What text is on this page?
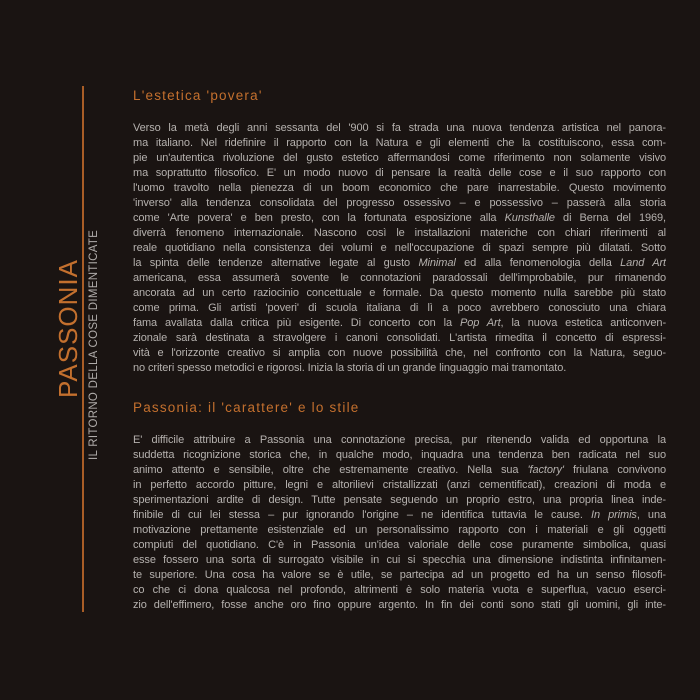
PASSONIA IL RITORNO DELLA COSE DIMENTICATE
L'estetica 'povera'
Verso la metà degli anni sessanta del '900 si fa strada una nuova tendenza artistica nel panora-
ma italiano. Nel ridefinire il rapporto con la Natura e gli elementi che la costituiscono, essa com-
pie un'autentica rivoluzione del gusto estetico affermandosi come riferimento non solamente visivo
ma soprattutto filosofico. E' un modo nuovo di pensare la realtà delle cose e il suo rapporto con
l'uomo travolto nella pienezza di un boom economico che pare inarrestabile. Questo movimento
'inverso' alla tendenza consolidata del progresso ossessivo – e possessivo – passerà alla storia
come 'Arte povera' e ben presto, con la fortunata esposizione alla Kunsthalle di Berna del 1969,
diverrà fenomeno internazionale. Nascono così le installazioni materiche con chiari riferimenti al
reale quotidiano nella consistenza dei volumi e nell'occupazione di spazi sempre più dilatati. Sotto
la spinta delle tendenze alternative legate al gusto Minimal ed alla fenomenologia della Land Art
americana, essa assumerà sovente le connotazioni paradossali dell'improbabile, pur rimanendo
ancorata ad un certo raziocinio concettuale e formale. Da questo momento nulla sarebbe più stato
come prima. Gli artisti 'poveri' di scuola italiana di lì a poco avrebbero conosciuto una chiara
fama avallata dalla critica più esigente. Di concerto con la Pop Art, la nuova estetica anticonven-
zionale sarà destinata a stravolgere i canoni consolidati. L'artista rimedita il concetto di espressi-
vità e l'orizzonte creativo si amplia con nuove possibilità che, nel confronto con la Natura, seguo-
no criteri spesso metodici e rigorosi. Inizia la storia di un grande linguaggio mai tramontato.
Passonia: il 'carattere' e lo stile
E' difficile attribuire a Passonia una connotazione precisa, pur ritenendo valida ed opportuna la
suddetta ricognizione storica che, in qualche modo, inquadra una tendenza ben radicata nel suo
animo attento e sensibile, oltre che estremamente creativo. Nella sua 'factory' friulana convivono
in perfetto accordo pitture, legni e altorilievi cristallizzati (anzi cementificati), creazioni di moda e
sperimentazioni ardite di design. Tutte pensate seguendo un proprio estro, una propria linea inde-
finibile di cui lei stessa – pur ignorando l'origine – ne identifica tuttavia le cause. In primis, una
motivazione prettamente esistenziale ed un personalissimo rapporto con i materiali e gli oggetti
compiuti del quotidiano. C'è in Passonia un'idea valoriale delle cose puramente simbolica, quasi
esse fossero una sorta di surrogato visibile in cui si specchia una dimensione indistinta infinitamen-
te superiore. Una cosa ha valore se è utile, se partecipa ad un progetto ed ha un senso filosofi-
co che ci dona qualcosa nel profondo, altrimenti è solo materia vuota e superflua, vacuo eserci-
zio dell'effimero, fosse anche oro fino oppure argento. In fin dei conti sono stati gli uomini, gli inte-
